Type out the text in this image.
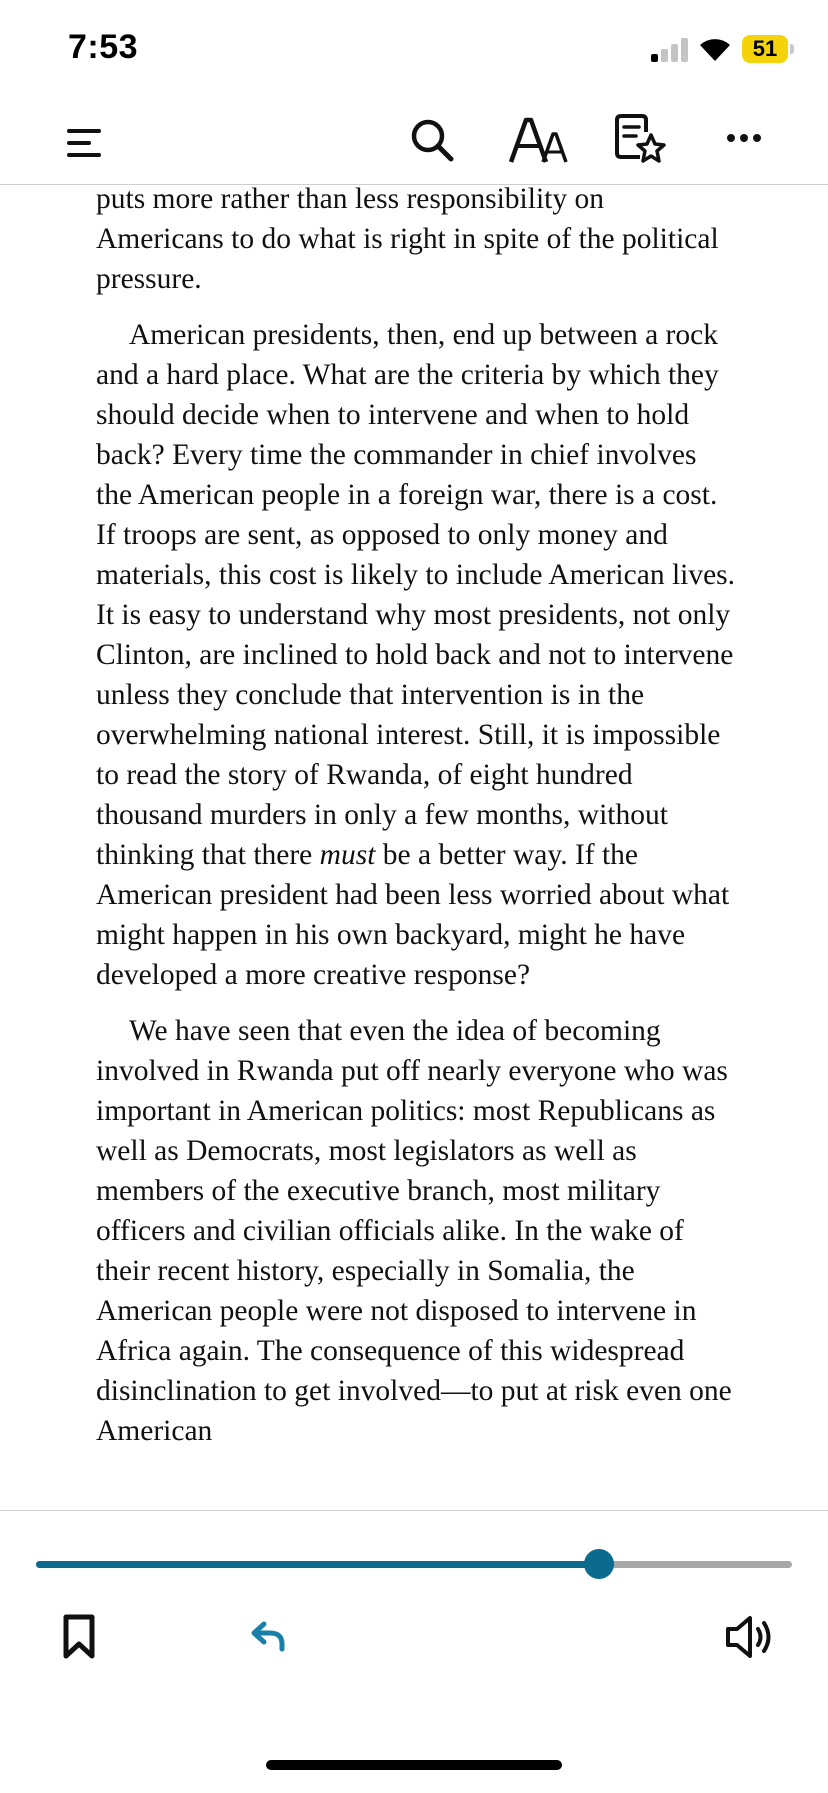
7:53	51

puts more rather than less responsibility on Americans to do what is right in spite of the political pressure.

American presidents, then, end up between a rock and a hard place. What are the criteria by which they should decide when to intervene and when to hold back? Every time the commander in chief involves the American people in a foreign war, there is a cost. If troops are sent, as opposed to only money and materials, this cost is likely to include American lives. It is easy to understand why most presidents, not only Clinton, are inclined to hold back and not to intervene unless they conclude that intervention is in the overwhelming national interest. Still, it is impossible to read the story of Rwanda, of eight hundred thousand murders in only a few months, without thinking that there must be a better way. If the American president had been less worried about what might happen in his own backyard, might he have developed a more creative response?

We have seen that even the idea of becoming involved in Rwanda put off nearly everyone who was important in American politics: most Republicans as well as Democrats, most legislators as well as members of the executive branch, most military officers and civilian officials alike. In the wake of their recent history, especially in Somalia, the American people were not disposed to intervene in Africa again. The consequence of this widespread disinclination to get involved—to put at risk even one American
